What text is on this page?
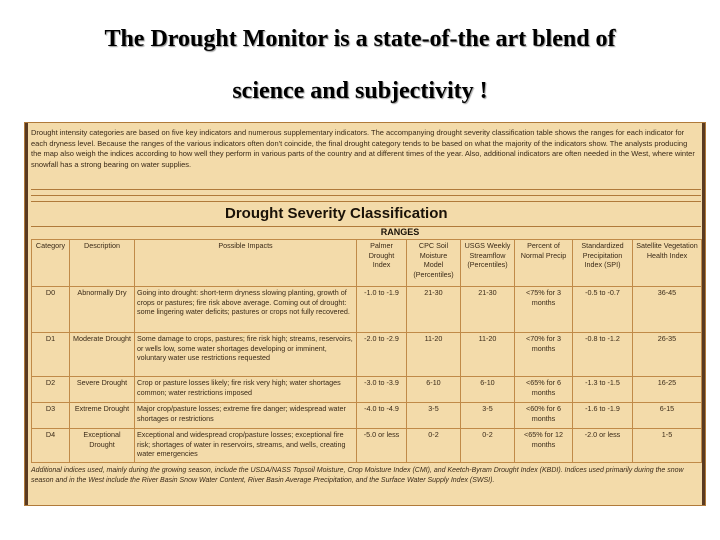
The Drought Monitor is a state-of-the art blend of
science and subjectivity !
Drought intensity categories are based on five key indicators and numerous supplementary indicators. The accompanying drought severity classification table shows the ranges for each indicator for each dryness level. Because the ranges of the various indicators often don't coincide, the final drought category tends to be based on what the majority of the indicators show. The analysts producing the map also weigh the indices according to how well they perform in various parts of the country and at different times of the year. Also, additional indicators are often needed in the West, where winter snowfall has a strong bearing on water supplies.
Drought Severity Classification
RANGES
Category	Description	Possible Impacts	Palmer Drought Index	CPC Soil Moisture Model (Percentiles)	USGS Weekly Streamflow (Percentiles)	Percent of Normal Precip	Standardized Precipitation Index (SPI)	Satellite Vegetation Health Index
D0	Abnormally Dry	Going into drought: short-term dryness slowing planting, growth of crops or pastures; fire risk above average. Coming out of drought: some lingering water deficits; pastures or crops not fully recovered.	-1.0 to -1.9	21-30	21-30	<75% for 3 months	-0.5 to -0.7	36-45
D1	Moderate Drought	Some damage to crops, pastures; fire risk high; streams, reservoirs, or wells low, some water shortages developing or imminent, voluntary water use restrictions requested	-2.0 to -2.9	11-20	11-20	<70% for 3 months	-0.8 to -1.2	26-35
D2	Severe Drought	Crop or pasture losses likely; fire risk very high; water shortages common; water restrictions imposed	-3.0 to -3.9	6-10	6-10	<65% for 6 months	-1.3 to -1.5	16-25
D3	Extreme Drought	Major crop/pasture losses; extreme fire danger; widespread water shortages or restrictions	-4.0 to -4.9	3-5	3-5	<60% for 6 months	-1.6 to -1.9	6-15
D4	Exceptional Drought	Exceptional and widespread crop/pasture losses; exceptional fire risk; shortages of water in reservoirs, streams, and wells, creating water emergencies	-5.0 or less	0-2	0-2	<65% for 12 months	-2.0 or less	1-5
Additional indices used, mainly during the growing season, include the USDA/NASS Topsoil Moisture, Crop Moisture Index (CMI), and Keetch-Byram Drought Index (KBDI). Indices used primarily during the snow season and in the West include the River Basin Snow Water Content, River Basin Average Precipitation, and the Surface Water Supply Index (SWSI).
